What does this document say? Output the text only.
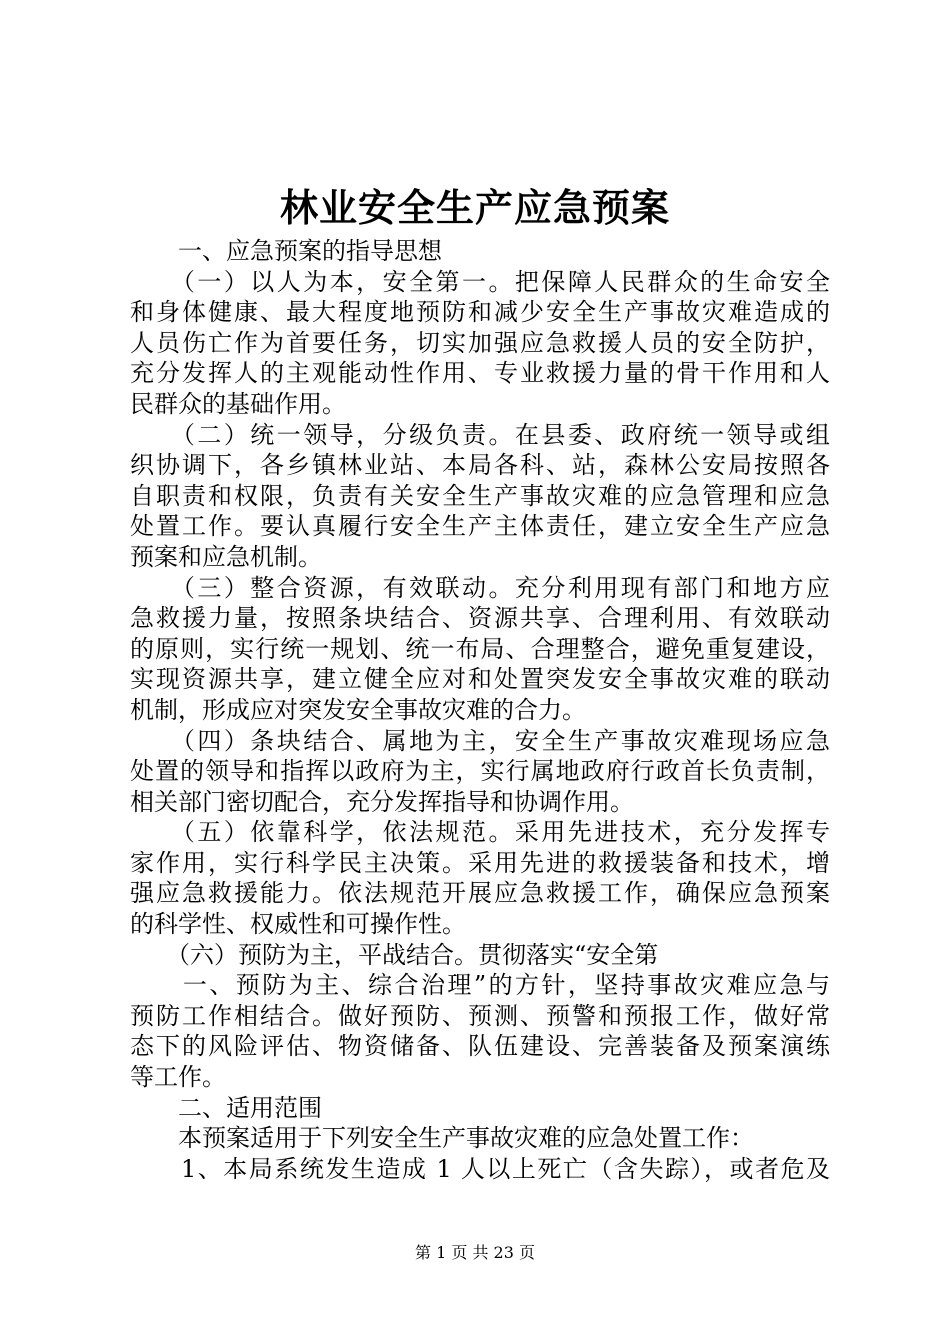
林业安全生产应急预案
　　一、应急预案的指导思想
　　（一）以人为本，安全第一。把保障人民群众的生命安全
和身体健康、最大程度地预防和减少安全生产事故灾难造成的
人员伤亡作为首要任务，切实加强应急救援人员的安全防护，
充分发挥人的主观能动性作用、专业救援力量的骨干作用和人
民群众的基础作用。
　　（二）统一领导，分级负责。在县委、政府统一领导或组
织协调下，各乡镇林业站、本局各科、站，森林公安局按照各
自职责和权限，负责有关安全生产事故灾难的应急管理和应急
处置工作。要认真履行安全生产主体责任，建立安全生产应急
预案和应急机制。
　　（三）整合资源，有效联动。充分利用现有部门和地方应
急救援力量，按照条块结合、资源共享、合理利用、有效联动
的原则，实行统一规划、统一布局、合理整合，避免重复建设，
实现资源共享，建立健全应对和处置突发安全事故灾难的联动
机制，形成应对突发安全事故灾难的合力。
　　（四）条块结合、属地为主，安全生产事故灾难现场应急
处置的领导和指挥以政府为主，实行属地政府行政首长负责制，
相关部门密切配合，充分发挥指导和协调作用。
　　（五）依靠科学，依法规范。采用先进技术，充分发挥专
家作用，实行科学民主决策。采用先进的救援装备和技术，增
强应急救援能力。依法规范开展应急救援工作，确保应急预案
的科学性、权威性和可操作性。
　　（六）预防为主，平战结合。贯彻落实“安全第
　　一、预防为主、综合治理”的方针，坚持事故灾难应急与
预防工作相结合。做好预防、预测、预警和预报工作，做好常
态下的风险评估、物资储备、队伍建设、完善装备及预案演练
等工作。
　　二、适用范围
　　本预案适用于下列安全生产事故灾难的应急处置工作：
　　1、本局系统发生造成 1 人以上死亡（含失踪），或者危及
第 1 页 共 23 页
